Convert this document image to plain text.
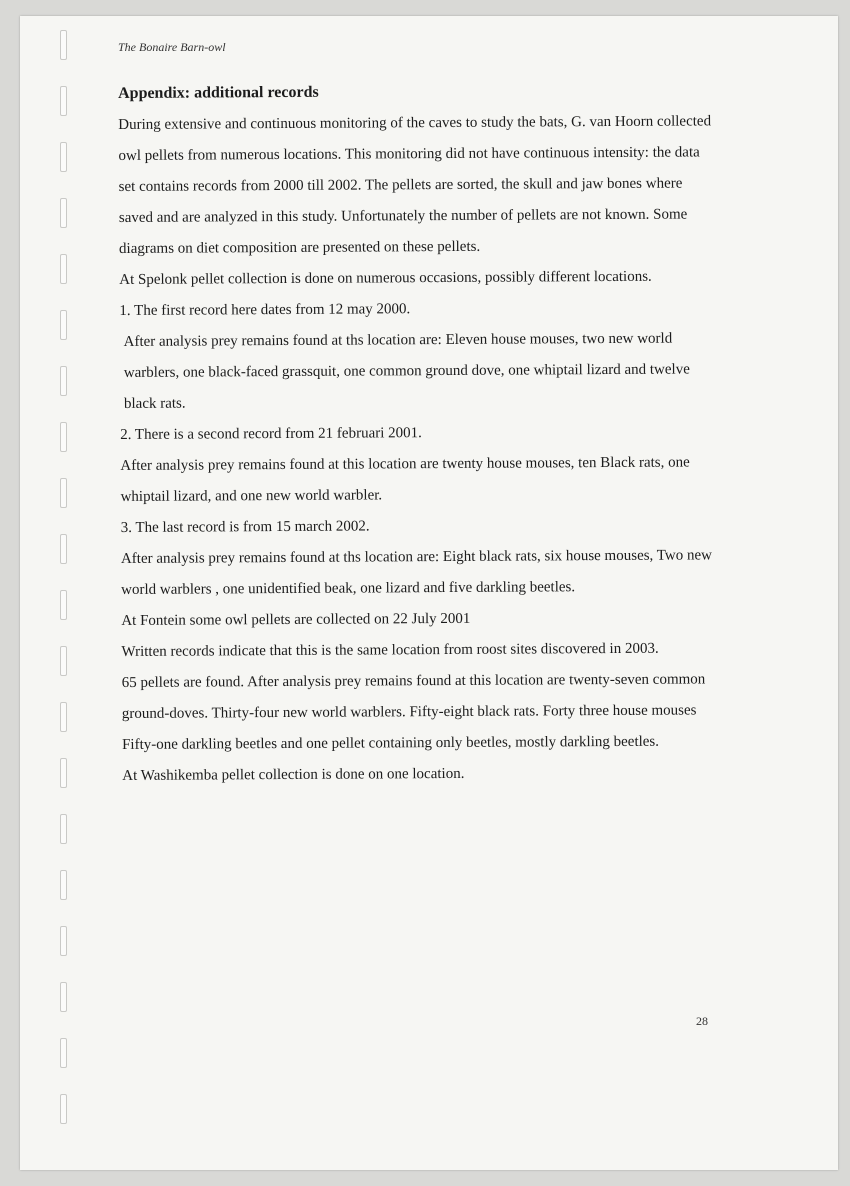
The Bonaire Barn-owl
Appendix: additional records

During extensive and continuous monitoring of the caves to study the bats, G. van Hoorn collected owl pellets from numerous locations. This monitoring did not have continuous intensity: the data set contains records from 2000 till 2002. The pellets are sorted, the skull and jaw bones where saved and are analyzed in this study. Unfortunately the number of pellets are not known. Some diagrams on diet composition are presented on these pellets.

At Spelonk pellet collection is done on numerous occasions, possibly different locations.

1. The first record here dates from 12 may 2000.

After analysis prey remains found at ths location are: Eleven house mouses, two new world warblers, one black-faced grassquit, one common ground dove, one whiptail lizard and twelve black rats.

2. There is a second record from 21 februari 2001.

After analysis prey remains found at this location are twenty house mouses, ten Black rats, one whiptail lizard, and one new world warbler.

3. The last record is from 15 march 2002.

After analysis prey remains found at ths location are: Eight black rats, six house mouses, Two new world warblers , one unidentified beak, one lizard and five darkling beetles.

At Fontein some owl pellets are collected on 22 July 2001

Written records indicate that this is the same location from roost sites discovered in 2003.

65 pellets are found. After analysis prey remains found at this location are twenty-seven common ground-doves. Thirty-four new world warblers. Fifty-eight black rats. Forty three house mouses Fifty-one darkling beetles and one pellet containing only beetles, mostly darkling beetles.

At Washikemba pellet collection is done on one location.

28
